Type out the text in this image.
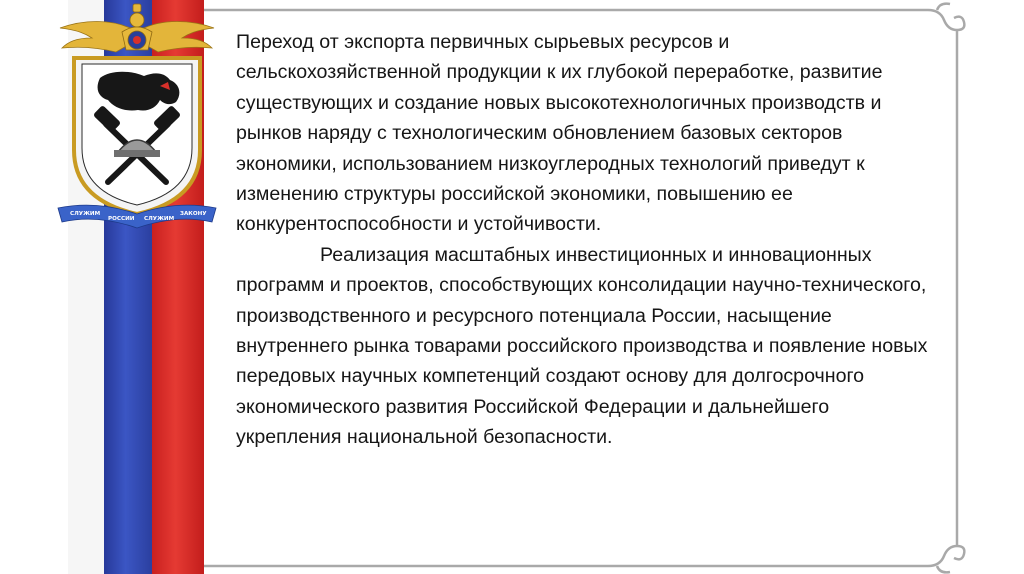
СЛУЖИМ
РОССИИ СЛУЖИМ
ЗАКОНУ

Переход от экспорта первичных сырьевых ресурсов и сельскохозяйственной продукции к их глубокой переработке, развитие существующих и создание новых высокотехнологичных производств и рынков наряду с технологическим обновлением базовых секторов экономики, использованием низкоуглеродных технологий приведут к изменению структуры российской экономики, повышению ее конкурентоспособности и устойчивости.

Реализация масштабных инвестиционных и инновационных программ и проектов, способствующих консолидации научно-технического, производственного и ресурсного потенциала России, насыщение внутреннего рынка товарами российского производства и появление новых передовых научных компетенций создают основу для долгосрочного экономического развития Российской Федерации и дальнейшего укрепления национальной безопасности.
